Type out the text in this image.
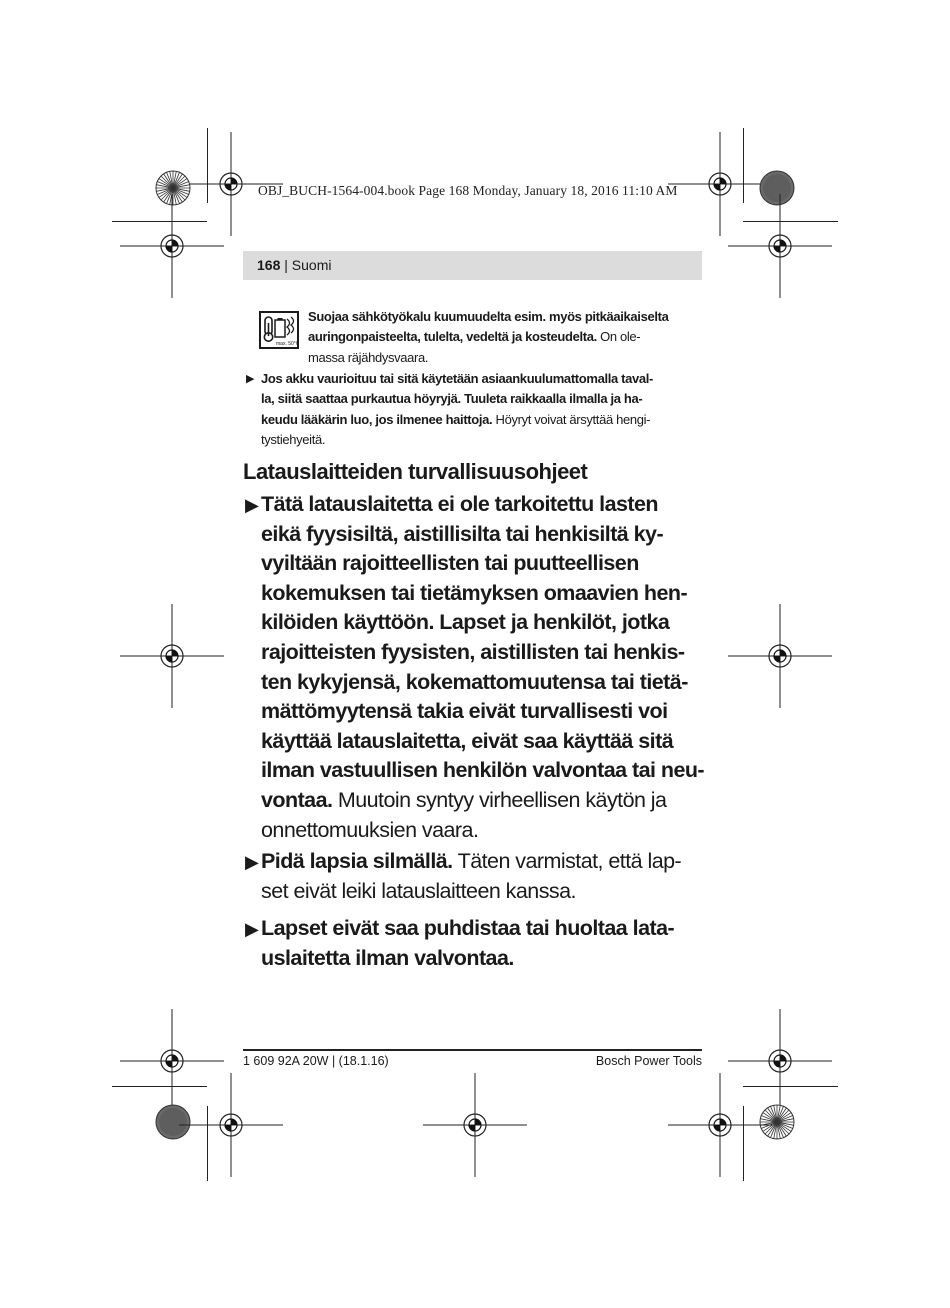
OBJ_BUCH-1564-004.book Page 168 Monday, January 18, 2016 11:10 AM
168 | Suomi
max. 50°C
Suojaa sähkötyökalu kuumuudelta esim. myös pitkäaikaiselta
auringonpaisteelta, tulelta, vedeltä ja kosteudelta. On ole-
massa räjähdysvaara.
▶ Jos akku vaurioituu tai sitä käytetään asiaankuulumattomalla taval-
la, siitä saattaa purkautua höyryjä. Tuuleta raikkaalla ilmalla ja ha-
keudu lääkärin luo, jos ilmenee haittoja. Höyryt voivat ärsyttää hengi-
tystiehyeitä.
Latauslaitteiden turvallisuusohjeet
▶ Tätä latauslaitetta ei ole tarkoitettu lasten
eikä fyysisiltä, aistillisilta tai henkisiltä ky-
vyiltään rajoitteellisten tai puutteellisen
kokemuksen tai tietämyksen omaavien hen-
kilöiden käyttöön. Lapset ja henkilöt, jotka
rajoitteisten fyysisten, aistillisten tai henkis-
ten kykyjensä, kokemattomuutensa tai tietä-
mättömyytensä takia eivät turvallisesti voi
käyttää latauslaitetta, eivät saa käyttää sitä
ilman vastuullisen henkilön valvontaa tai neu-
vontaa. Muutoin syntyy virheellisen käytön ja
onnettomuuksien vaara.
▶ Pidä lapsia silmällä. Täten varmistat, että lap-
set eivät leiki latauslaitteen kanssa.
▶ Lapset eivät saa puhdistaa tai huoltaa lata-
uslaitetta ilman valvontaa.
1 609 92A 20W | (18.1.16)	Bosch Power Tools
